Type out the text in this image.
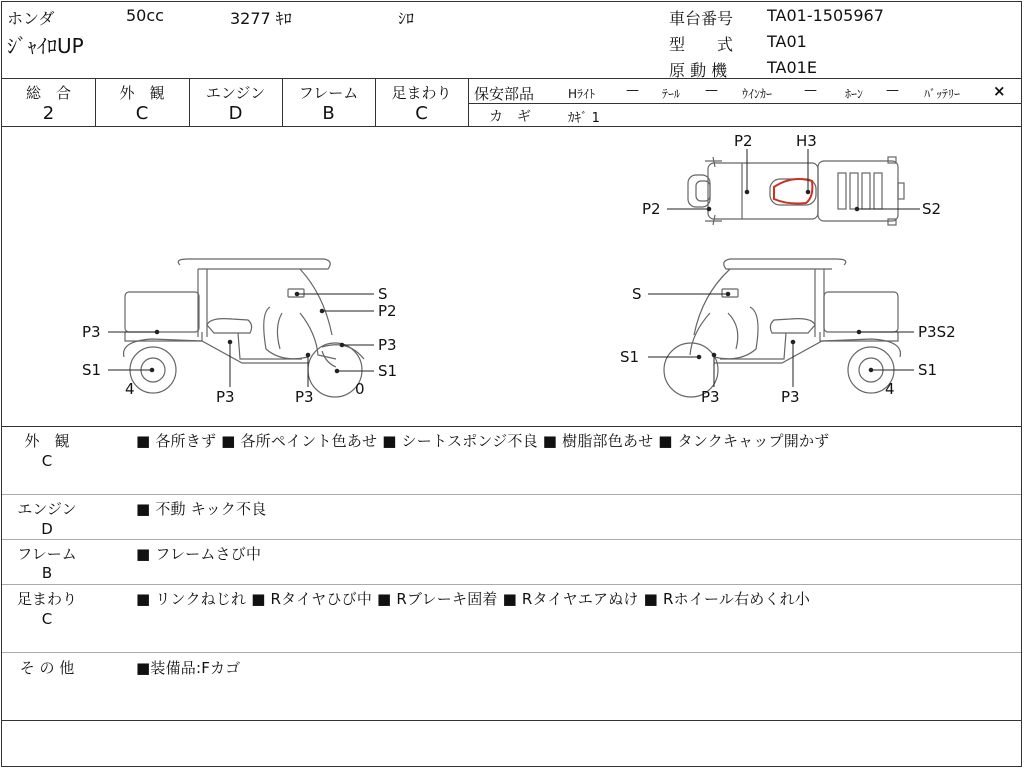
ホンダ	50cc	3277 ｷﾛ	ｼﾛ
ｼﾞｬｲﾛUP
車台番号 TA01-1505967
型　　式 TA01
原 動 機 TA01E
総　合
2
外　観
C
エンジン
D
フレーム
B
足まわり
C
保安部品	Hﾗｲﾄ — ﾃｰﾙ — ｳｲﾝｶｰ — ﾎｰﾝ — ﾊﾞｯﾃﾘｰ ×
カ　ギ	ｶｷﾞ 1
P2	H3
P2	S2
S
P2
P3
P3
S1	S1
4	P3	P3	0
S
S1
P3S2
P3	P3
S1
4
外　観
C
■ 各所きず ■ 各所ペイント色あせ ■ シートスポンジ不良 ■ 樹脂部色あせ ■ タンクキャップ開かず
エンジン
D
■ 不動 キック不良
フレーム
B
■ フレームさび中
足まわり
C
■ リンクねじれ ■ Rタイヤひび中 ■ Rブレーキ固着 ■ Rタイヤエアぬけ ■ Rホイール右めくれ小
そ の 他	■装備品:Fカゴ
